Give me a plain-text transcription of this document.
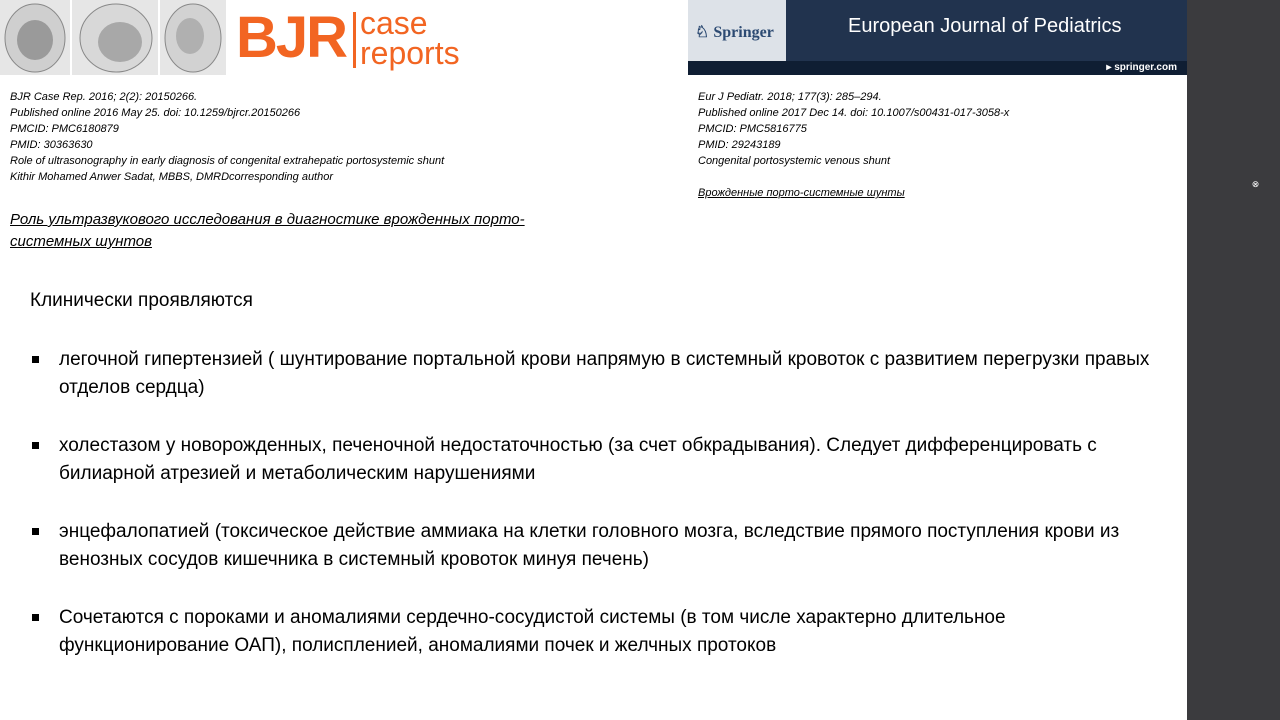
BJR case
reports
♘ Springer	European Journal of Pediatrics
▸ springer.com
BJR Case Rep. 2016; 2(2): 20150266.
Published online 2016 May 25. doi: 10.1259/bjrcr.20150266
PMCID: PMC6180879
PMID: 30363630
Role of ultrasonography in early diagnosis of congenital extrahepatic portosystemic shunt
Kithir Mohamed Anwer Sadat, MBBS, DMRDcorresponding author
Роль ультразвукового исследования в диагностике врожденных порто-системных шунтов
Eur J Pediatr. 2018; 177(3): 285–294.
Published online 2017 Dec 14. doi: 10.1007/s00431-017-3058-x
PMCID: PMC5816775
PMID: 29243189
Congenital portosystemic venous shunt
Врожденные порто-системные шунты
Клинически проявляются
легочной гипертензией ( шунтирование портальной крови напрямую в системный кровоток с развитием перегрузки правых отделов сердца)
холестазом у новорожденных, печеночной недостаточностью (за счет обкрадывания). Следует дифференцировать с билиарной атрезией и метаболическим нарушениями
энцефалопатией (токсическое действие аммиака на клетки головного мозга, вследствие прямого поступления крови из венозных сосудов кишечника в системный кровоток минуя печень)
Сочетаются с пороками и аномалиями сердечно-сосудистой системы (в том числе характерно длительное функционирование ОАП), полиспленией, аномалиями почек и желчных протоков
⊗
